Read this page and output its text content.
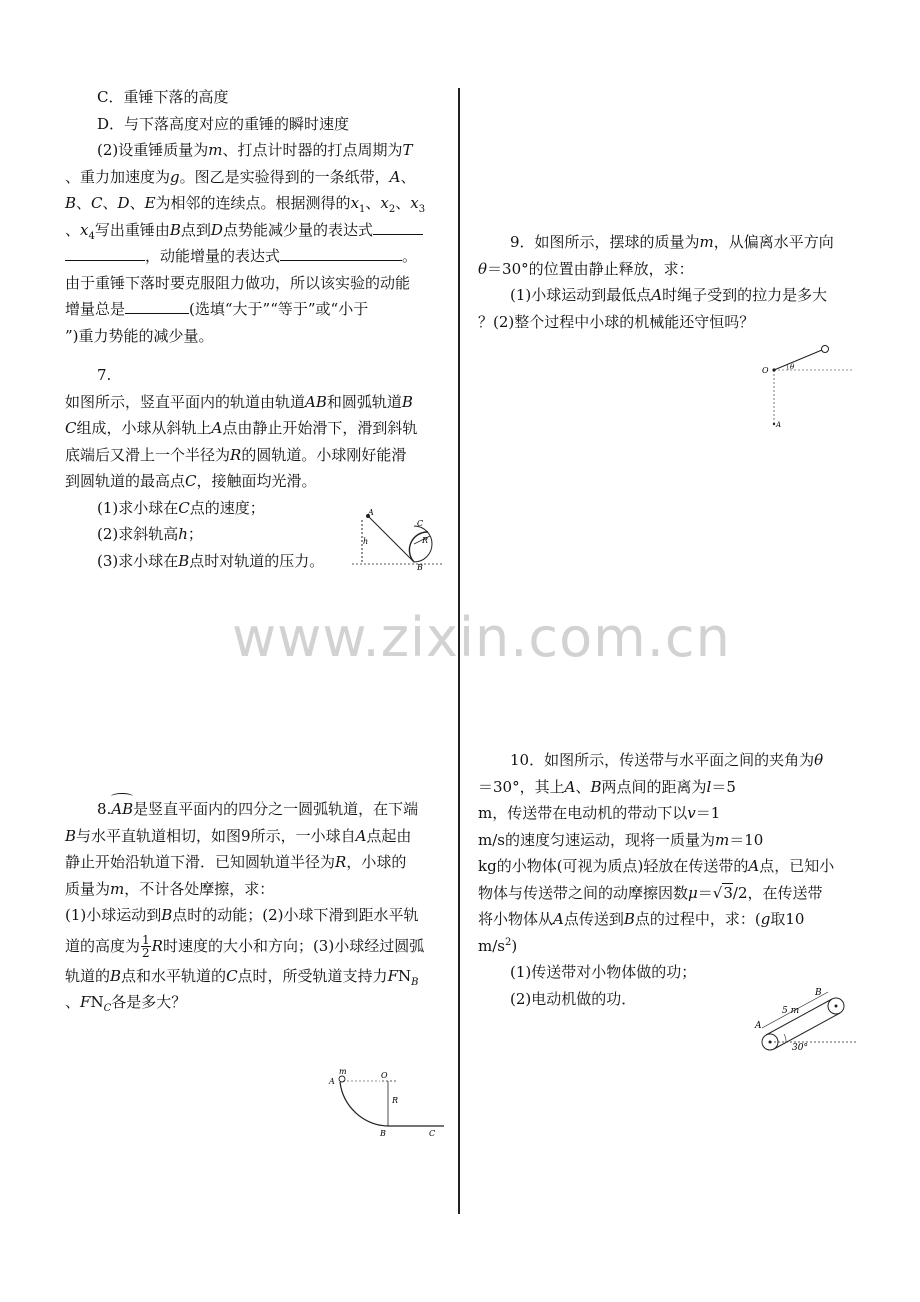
C．重锤下落的高度

D．与下落高度对应的重锤的瞬时速度

(2)设重锤质量为m、打点计时器的打点周期为T

、重力加速度为g。图乙是实验得到的一条纸带，A、

B、C、D、E为相邻的连续点。根据测得的$x_1$、$x_2$、$x_3$

、$x_4$写出重锤由B点到D点势能减少量的表达式

，动能增量的表达式	。

由于重锤下落时要克服阻力做功，所以该实验的动能

增量总是	(选填“大于”“等于”或“小于

”)重力势能的减少量。

7.

如图所示，竖直平面内的轨道由轨道AB和圆弧轨道B

C组成，小球从斜轨上A点由静止开始滑下，滑到斜轨

底端后又滑上一个半径为R的圆轨道。小球刚好能滑

到圆轨道的最高点C，接触面均光滑。

(1)求小球在C点的速度；

(2)求斜轨高h；

(3)求小球在B点时对轨道的压力。

A
C
R
h
B

8.AB是竖直平面内的四分之一圆弧轨道，在下端

B与水平直轨道相切，如图9所示，一小球自A点起由

静止开始沿轨道下滑．已知圆轨道半径为R，小球的

质量为m，不计各处摩擦，求：

(1)小球运动到B点时的动能；(2)小球下滑到距水平轨

道的高度为 $\frac{1}{2}$ R时速度的大小和方向；(3)小球经过圆弧

轨道的B点和水平轨道的C点时，所受轨道支持力$FN_B$

、$FN_C$各是多大？

m
A
O
R
B	C

9．如图所示，摆球的质量为m，从偏离水平方向

θ＝30°的位置由静止释放，求：

(1)小球运动到最低点A时绳子受到的拉力是多大

？(2)整个过程中小球的机械能还守恒吗？

O	θ
A

10．如图所示，传送带与水平面之间的夹角为θ

＝30°，其上A、B两点间的距离为l＝5

m，传送带在电动机的带动下以v＝1

m/s的速度匀速运动，现将一质量为m＝10

kg的小物体(可视为质点)轻放在传送带的A点，已知小

物体与传送带之间的动摩擦因数μ＝√3/2，在传送带

将小物体从A点传送到B点的过程中，求：(g取10

$m/s^2$)

(1)传送带对小物体做的功；

(2)电动机做的功．	B
A
5 m
30°
www.zixin.com.cn
